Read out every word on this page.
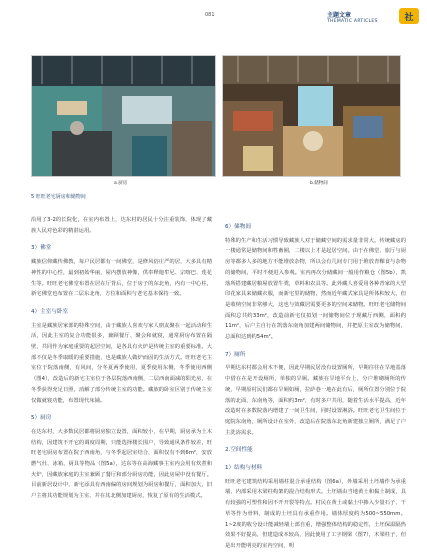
081	主题文章
THEMATIC ARTICLES	社
a.厨房	b.储物间
5 旺旺老宅厨房和储物间

沿用了3-2的长院化，在室内布置上，达东村的居民十分注重装饰，体现了藏族人民对色彩的精湛运用。

3）佛堂

藏族信仰藏传佛教，每户民居都有一间佛堂，是修风俗庄严的居，大多具有精神性的中心性，最到初始华丽，屋内摆放神像，供奉释迦牟尼、宗喀巴、莲花生等。旺旺老宅佛堂布置在居在厅背后，位于房子的东北角，内有一中心柱，新宅佛堂也布置在二层东北角，方位和面积与老宅基本保持一致。

4）主室与卧室

主室是藏族居家部的特殊空间，由于藏族人喜欢与家人朋友聚在一起活动和生活，因此主室的复合功能很多，兼顾餐厅、聚会和就寝，通常厨房布置在隔壁，共同作为家庭重要的起居空间，是各具有火炉是传统主室的重要标准。大部不仅是冬季取暖的重要措施，也是藏族人做炉而固的生活方式。旺旺老宅主室位于院落南侧，有风间，分冬夏两季使用，夏季使用东侧，冬季使用西侧（图4），改造后的新宅主室位于各层院落西南侧，二层西南面减的阳光房，在冬季获得充足日照，消解了部分传统主室的功能。藏族的卧室区别于传统主室仅做就寝功能，布置现代床铺。

5）厨房

在达东村，大多数民居都将厨房独立设置，面积较小，在早期，厨房承为土木结构，因建筑不开它的调度周期，只能选择楼长围户，导致通风条件较差，旺旺老宅厨房布置在院子西南角，与冬季起居室结合，面积仅有不到6m²，安放燃气灶、冰箱，厨具等物品（图5a），达东等在高海藏事主室内会用有炊煮和火炉，因藏族家庭的主室兼顾了餐厅和部分厨房功能，因此房屋中没有餐厅。目前新居设计中，新宅添具有西南偏的房间规划为厨房和餐厅，面积加大，旧户主将其功能规划为主室，并在其北侧加建厨房，恢复了原有的生活模式。

6）储物间

特殊的生产和生活习惯导致藏族人对于储藏空间的需求量非常大。传统藏房的一楼通常是储物间和牲畜圈，二楼以上才是起居空间。由于在佛堂、旅厅与厨房等都多人多的地方不能堆放杂物，所以会有几间专门用于堆放青稞食与杂物的储物间，平时不便进入参观。室内再次分储藏间一般用作粮仓（图5b），凯落所搭建藏居粮屋放置牛粪，草料和农具等。此外藏人喜爱用各种青家的大型印花家具来储藏衣服，而新宅里的储物，然而近年藏式家具是所体积较大，但是收纳空间非常够大，这也与效藏居需要更多的空间来储物。旺旺老宅储物间面积总共约33m²，改造前新宅仅拟划一间储物间位于现藏厅西侧，面积约11m²，后户主自行在凯落东南角加建两间储物间，并把原主室改为储物间，总面积达到约54m²。

7）厕所

早期达东村都会用木不便，因此早期民居没有设置厕所，早期往往在旱地基落中借在在是开设厕所，单独的旱厕。藏族在旱地平台上，分户堆砌厕所的传统，早期原村民们都在旱厕如厕，拉萨巷一地在此有后，厕所位置分别位于院落的北面、东南角等，面积约3m²，有时多户共用，随着生活水平提高，近年改造时在多数院落内增建了一间卫生间，同时设置淋浴。旺旺老宅卫生间位于庭院东南角，厕所设计在室外，改造后在院落东北角新建独立厕所，满足了户主洗浴需求。

2.空间性能
1）结构与材料

旺旺老宅建筑结构采用墙柱混合承重结构（图6a），外墙采用土坯墙作为承重墙，内部采用木梁柱构架的混合结构形式。土坯墙由当地黄土和黏土制成，具有较强的可塑性和因不开开裂等特点。村民在黄土或黏土中掺入少量石子、干草等作为骨料，制成的土坯具有承重作用。墙体厚度约为500~550mm。1~2度的收分设计能减轻墙上部自重，增强整体结构的稳定性，土坯保温隔热效果不好提高，但建造成本较高，因此使用了工字钢梁（图7），木梁柱子，但是出开能明亮的室内空间，明
